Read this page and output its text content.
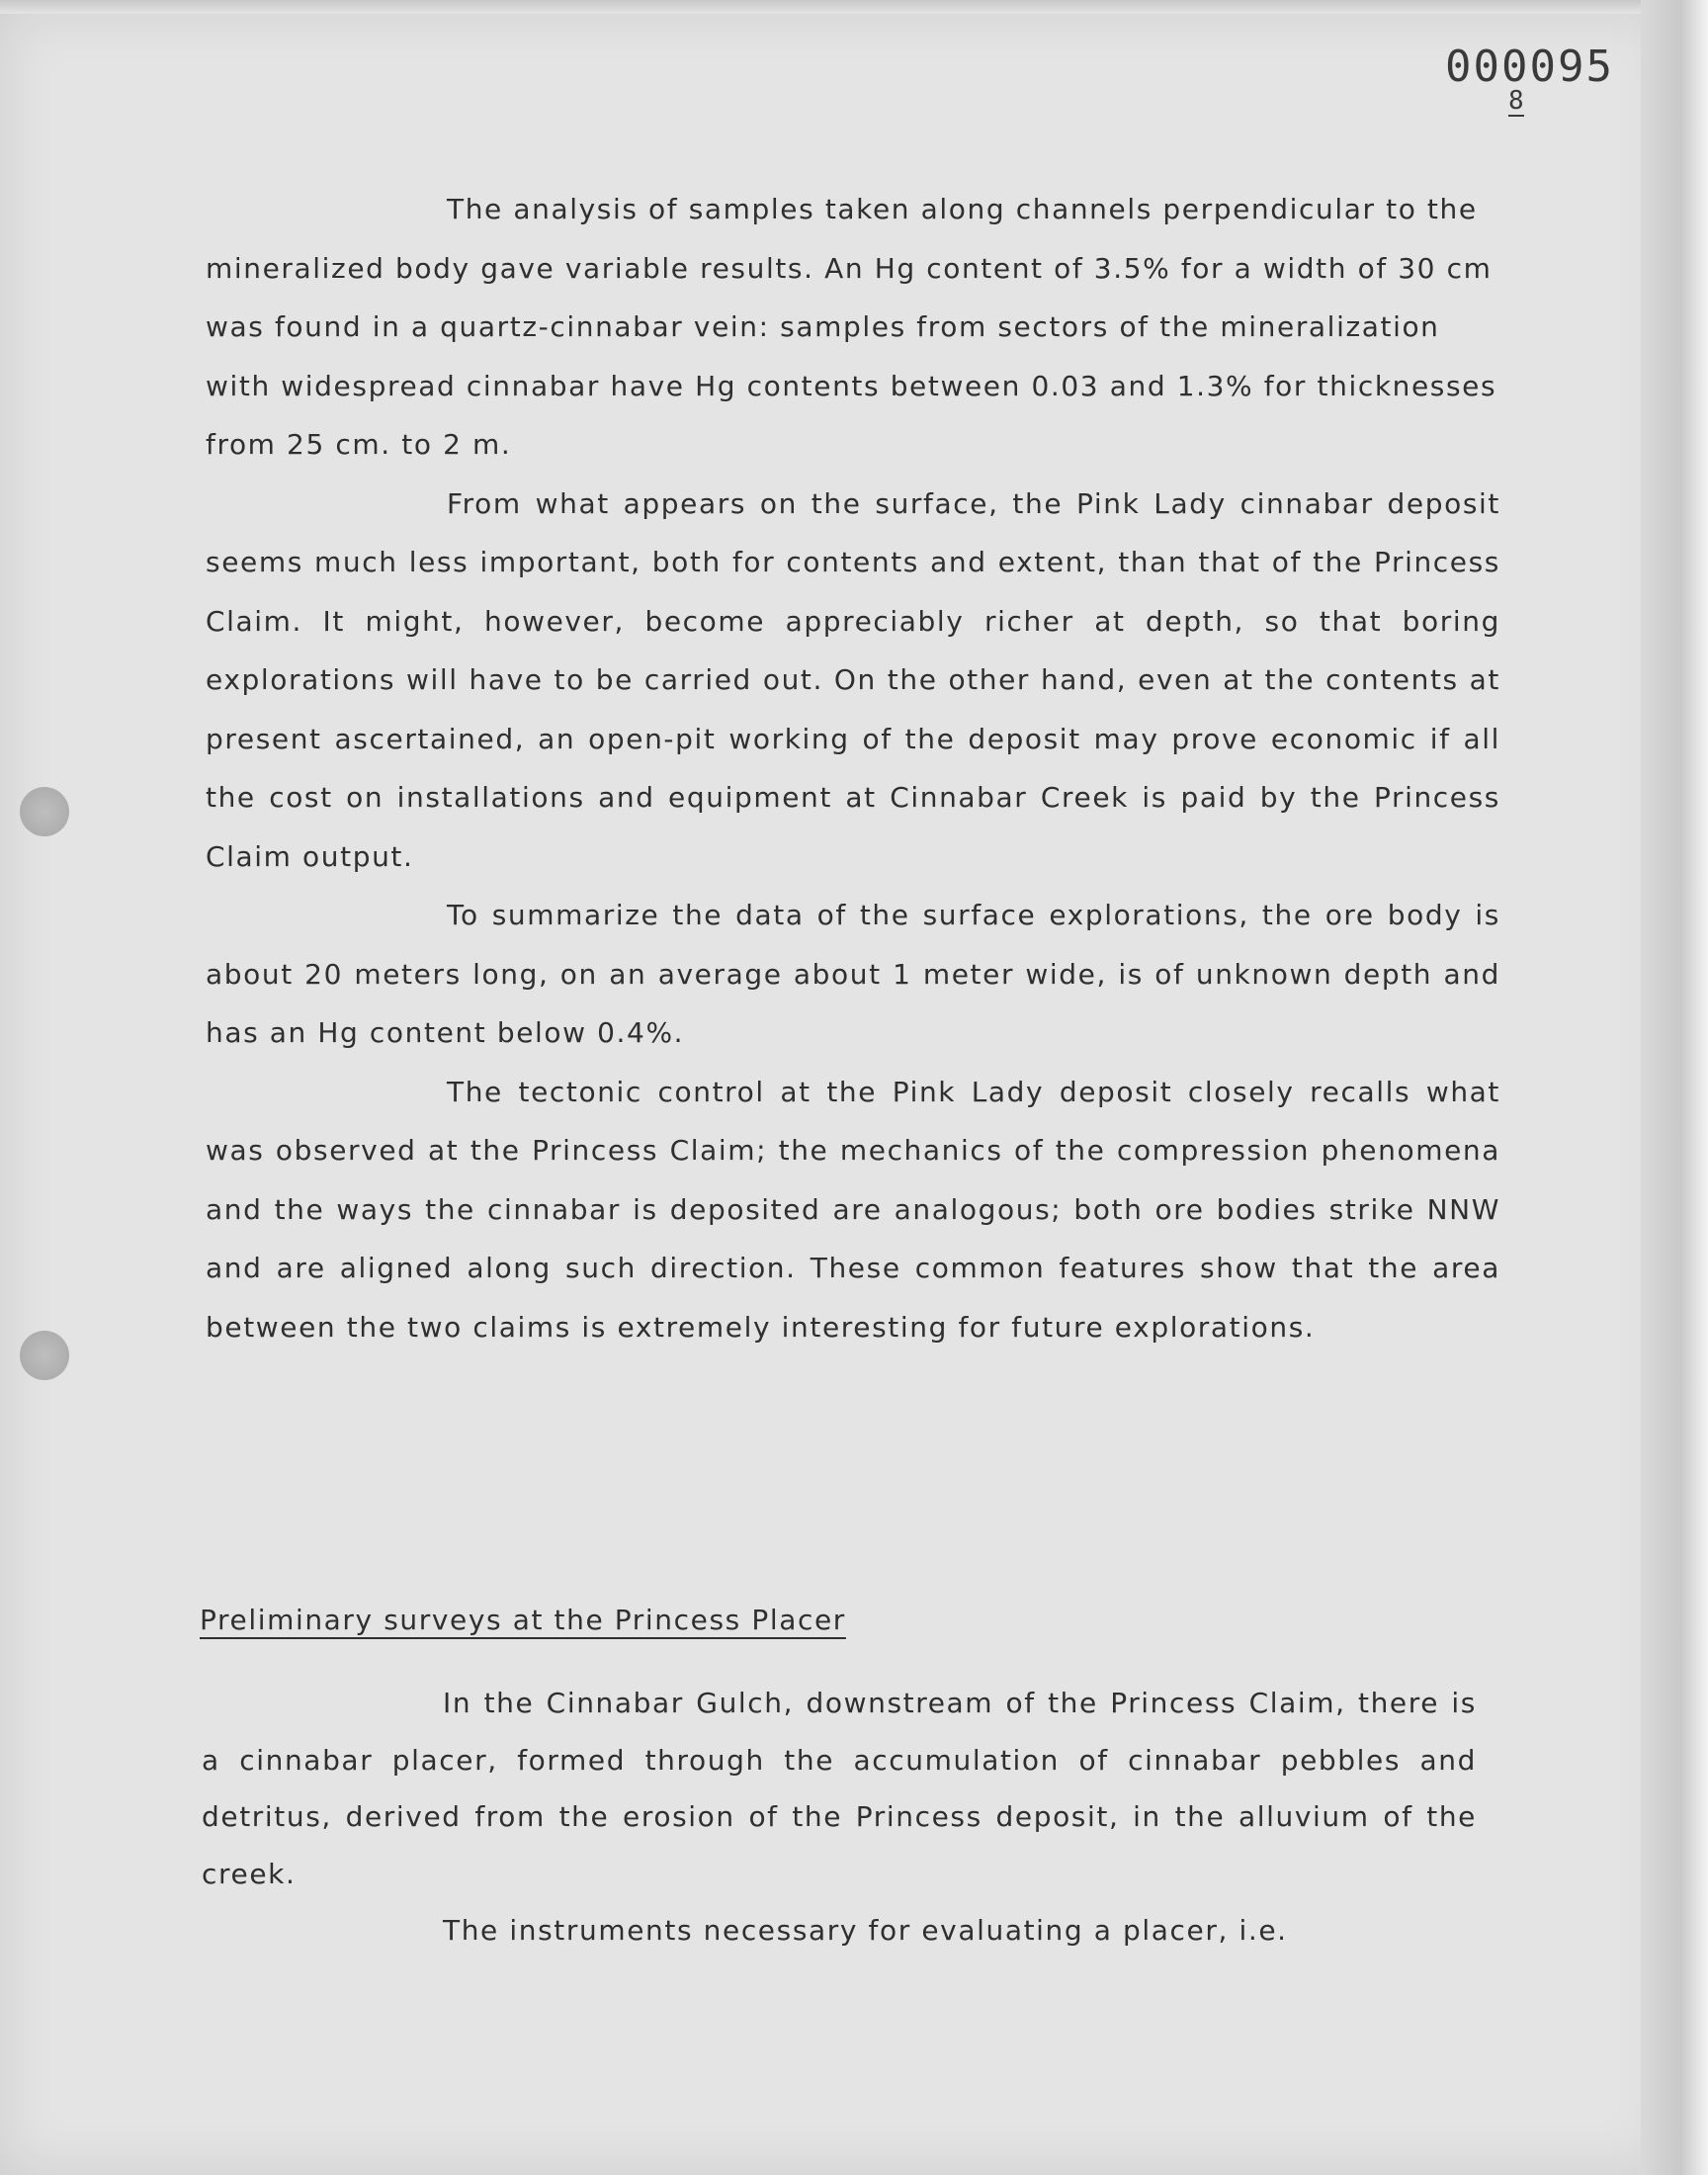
000095
8

The analysis of samples taken along channels perpendicular to the mineralized body gave variable results. An Hg content of 3.5% for a width of 30 cm was found in a quartz-cinnabar vein: samples from sectors of the mineralization with widespread cinnabar have Hg contents between 0.03 and 1.3% for thicknesses from 25 cm. to 2 m.

From what appears on the surface, the Pink Lady cinnabar deposit seems much less important, both for contents and extent, than that of the Princess Claim. It might, however, become appreciably richer at depth, so that boring explorations will have to be carried out. On the other hand, even at the contents at present ascertained, an open-pit working of the deposit may prove economic if all the cost on installations and equipment at Cinnabar Creek is paid by the Princess Claim output.

To summarize the data of the surface explorations, the ore body is about 20 meters long, on an average about 1 meter wide, is of unknown depth and has an Hg content below 0.4%.

The tectonic control at the Pink Lady deposit closely recalls what was observed at the Princess Claim; the mechanics of the compression phenomena and the ways the cinnabar is deposited are analogous; both ore bodies strike NNW and are aligned along such direction. These common features show that the area between the two claims is extremely interesting for future explorations.

Preliminary surveys at the Princess Placer

In the Cinnabar Gulch, downstream of the Princess Claim, there is a cinnabar placer, formed through the accumulation of cinnabar pebbles and detritus, derived from the erosion of the Princess deposit, in the alluvium of the creek.

The instruments necessary for evaluating a placer, i.e.
